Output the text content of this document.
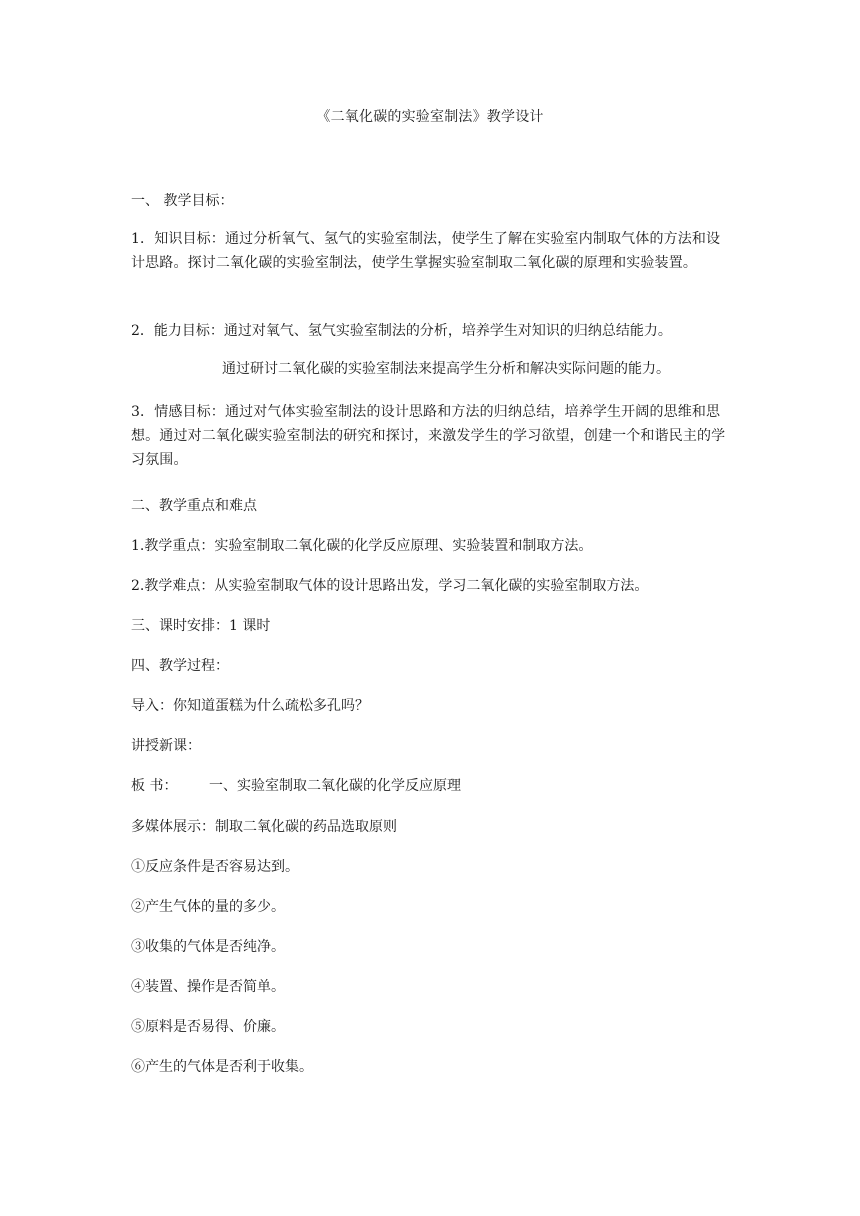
《二氧化碳的实验室制法》教学设计
一、 教学目标：
1．知识目标：通过分析氧气、氢气的实验室制法，使学生了解在实验室内制取气体的方法和设计思路。探讨二氧化碳的实验室制法，使学生掌握实验室制取二氧化碳的原理和实验装置。
2．能力目标：通过对氧气、氢气实验室制法的分析，培养学生对知识的归纳总结能力。
通过研讨二氧化碳的实验室制法来提高学生分析和解决实际问题的能力。
3．情感目标：通过对气体实验室制法的设计思路和方法的归纳总结，培养学生开阔的思维和思想。通过对二氧化碳实验室制法的研究和探讨，来激发学生的学习欲望，创建一个和谐民主的学习氛围。
二、教学重点和难点
1.教学重点：实验室制取二氧化碳的化学反应原理、实验装置和制取方法。
2.教学难点：从实验室制取气体的设计思路出发，学习二氧化碳的实验室制取方法。
三、课时安排：1 课时
四、教学过程：
导入：你知道蛋糕为什么疏松多孔吗？
讲授新课：
板 书： 一、实验室制取二氧化碳的化学反应原理
多媒体展示：制取二氧化碳的药品选取原则
①反应条件是否容易达到。
②产生气体的量的多少。
③收集的气体是否纯净。
④装置、操作是否简单。
⑤原料是否易得、价廉。
⑥产生的气体是否利于收集。
